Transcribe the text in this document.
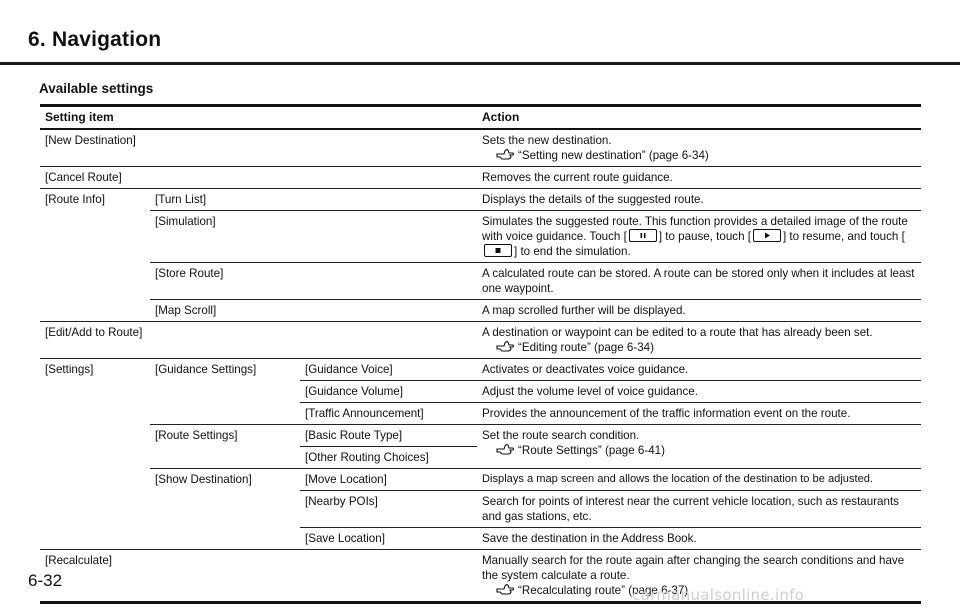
6. Navigation
Available settings
Setting item			Action
[New Destination]			Sets the new destination.
“Setting new destination” (page 6-34)

[Cancel Route]			Removes the current route guidance.
[Route Info]	[Turn List]		Displays the details of the suggested route.
	[Simulation]		Simulates the suggested route. This function provides a detailed image of the route with voice guidance. Touch [ ] to pause, touch [ ] to resume, and touch [
] to end the simulation.
	[Store Route]		A calculated route can be stored. A route can be stored only when it includes at least one waypoint.
	[Map Scroll]		A map scrolled further will be displayed.
[Edit/Add to Route]			A destination or waypoint can be edited to a route that has already been set.
“Editing route” (page 6-34)

[Settings]	[Guidance Settings]	[Guidance Voice]	Activates or deactivates voice guidance.
		[Guidance Volume]	Adjust the volume level of voice guidance.
		[Traffic Announcement]	Provides the announcement of the traffic information event on the route.
	[Route Settings]	[Basic Route Type]	Set the route search condition.
“Route Settings” (page 6-41)

		[Other Routing Choices]	
	[Show Destination]	[Move Location]	Displays a map screen and allows the location of the destination to be adjusted.
		[Nearby POIs]	Search for points of interest near the current vehicle location, such as restaurants and gas stations, etc.
		[Save Location]	Save the destination in the Address Book.

[Recalculate]			Manually search for the route again after changing the search conditions and have the system calculate a route.
“Recalculating route” (page 6-37)
6-32
carmanualsonline.info
